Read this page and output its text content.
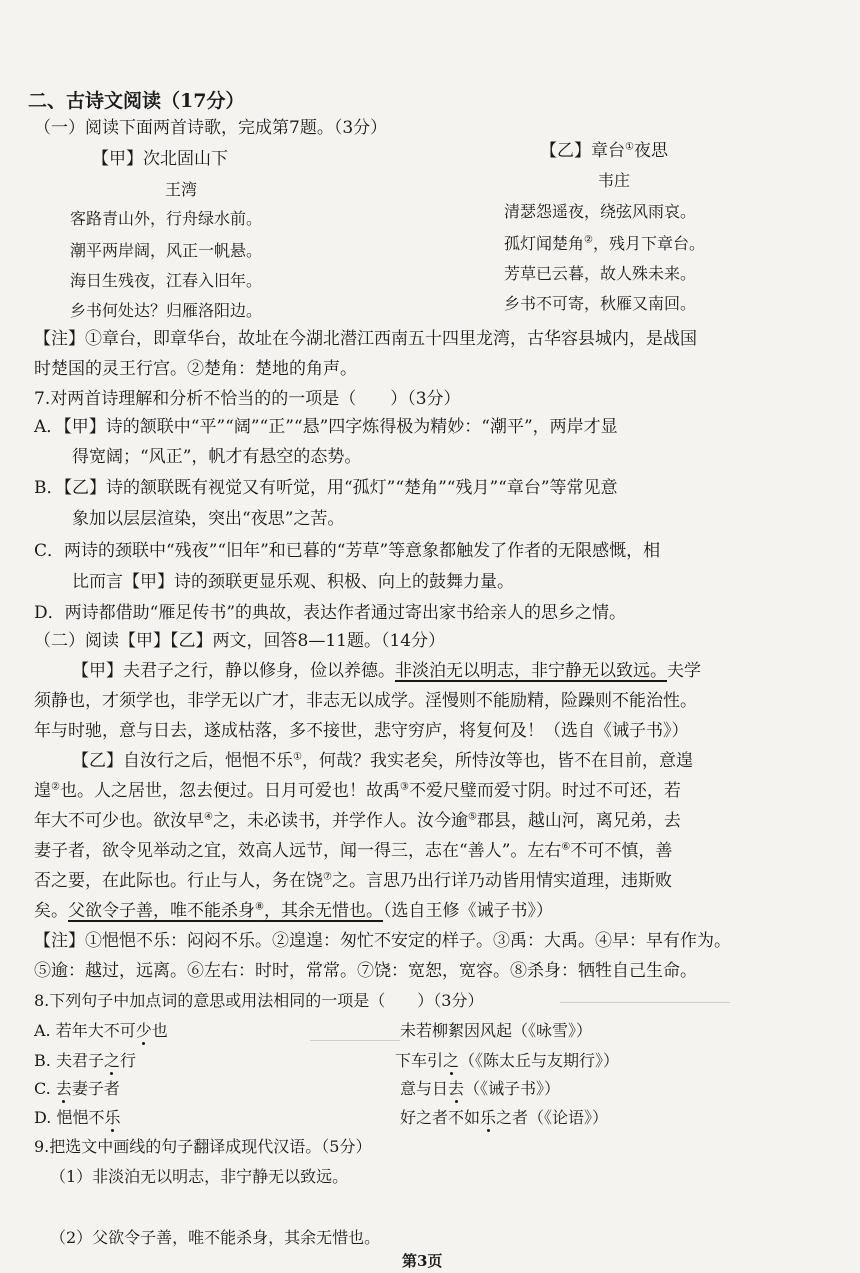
二、古诗文阅读（17分）
（一）阅读下面两首诗歌，完成第7题。（3分）
【甲】次北固山下
王湾
客路青山外，行舟绿水前。
潮平两岸阔，风正一帆悬。
海日生残夜，江春入旧年。
乡书何处达？归雁洛阳边。
【乙】章台①夜思
韦庄
清瑟怨遥夜，绕弦风雨哀。
孤灯闻楚角②，残月下章台。
芳草已云暮，故人殊未来。
乡书不可寄，秋雁又南回。
【注】①章台，即章华台，故址在今湖北潜江西南五十四里龙湾，古华容县城内，是战国
时楚国的灵王行宫。②楚角：楚地的角声。
7.对两首诗理解和分析不恰当的的一项是（　　）（3分）
A．【甲】诗的颔联中“平”“阔”“正”“悬”四字炼得极为精妙：“潮平”，两岸才显
得宽阔；“风正”，帆才有悬空的态势。
B．【乙】诗的颔联既有视觉又有听觉，用“孤灯”“楚角”“残月”“章台”等常见意
象加以层层渲染，突出“夜思”之苦。
C．两诗的颈联中“残夜”“旧年”和已暮的“芳草”等意象都触发了作者的无限感慨，相
比而言【甲】诗的颈联更显乐观、积极、向上的鼓舞力量。
D．两诗都借助“雁足传书”的典故，表达作者通过寄出家书给亲人的思乡之情。
（二）阅读【甲】【乙】两文，回答8—11题。（14分）
【甲】夫君子之行，静以修身，俭以养德。非淡泊无以明志，非宁静无以致远。夫学
须静也，才须学也，非学无以广才，非志无以成学。淫慢则不能励精，险躁则不能治性。
年与时驰，意与日去，遂成枯落，多不接世，悲守穷庐，将复何及！（选自《诫子书》）
【乙】自汝行之后，悒悒不乐①，何哉？我实老矣，所恃汝等也，皆不在目前，意遑
遑②也。人之居世，忽去便过。日月可爱也！故禹③不爱尺璧而爱寸阴。时过不可还，若
年大不可少也。欲汝早④之，未必读书，并学作人。汝今逾⑤郡县，越山河，离兄弟，去
妻子者，欲令见举动之宜，效高人远节，闻一得三，志在“善人”。左右⑥不可不慎，善
否之要，在此际也。行止与人，务在饶⑦之。言思乃出行详乃动皆用情实道理，违斯败
矣。父欲令子善，唯不能杀身⑧，其余无惜也。（选自王修《诫子书》）
【注】①悒悒不乐：闷闷不乐。②遑遑：匆忙不安定的样子。③禹：大禹。④早：早有作为。
⑤逾：越过，远离。⑥左右：时时，常常。⑦饶：宽恕，宽容。⑧杀身：牺牲自己生命。
8.下列句子中加点词的意思或用法相同的一项是（　　）（3分）
A. 若年大不可少也	未若柳絮因风起（《咏雪》）
B. 夫君子之行	下车引之（《陈太丘与友期行》）
C. 去妻子者	意与日去（《诫子书》）
D. 悒悒不乐	好之者不如乐之者（《论语》）
9.把选文中画线的句子翻译成现代汉语。（5分）
（1）非淡泊无以明志，非宁静无以致远。
（2）父欲令子善，唯不能杀身，其余无惜也。
第3页
